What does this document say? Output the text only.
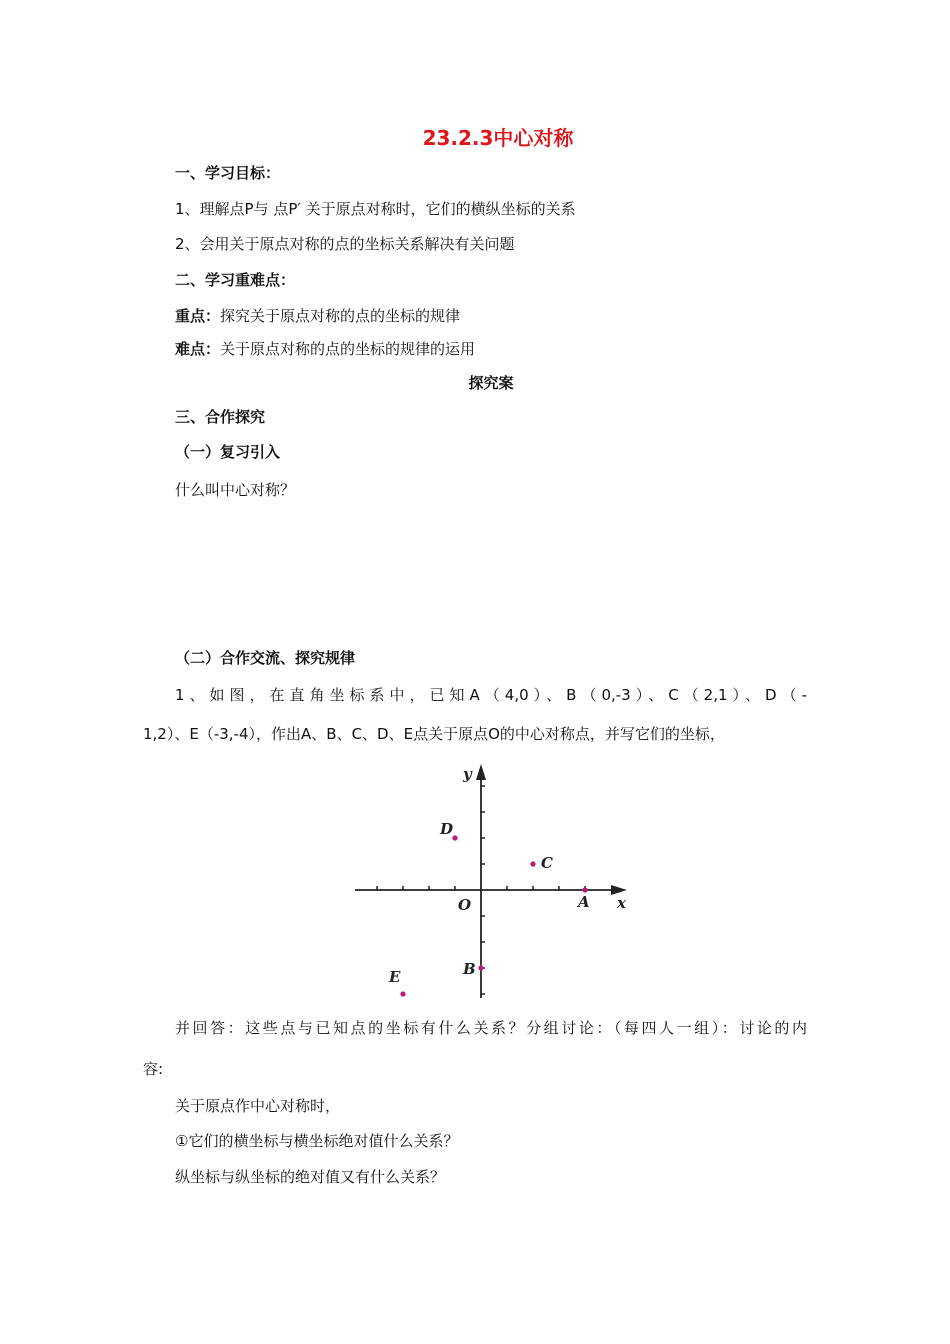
23.2.3中心对称
一、学习目标：
1、理解点P与 点P′ 关于原点对称时，它们的横纵坐标的关系
2、会用关于原点对称的点的坐标关系解决有关问题
二、学习重难点：
重点：探究关于原点对称的点的坐标的规律
难点：关于原点对称的点的坐标的规律的运用
探究案
三、合作探究
（一）复习引入
什么叫中心对称？
（二）合作交流、探究规律
1、如图，在直角坐标系中，已知A（4,0）、B（0,-3）、C（2,1）、D（-
1,2）、E（-3,-4），作出A、B、C、D、E点关于原点O的中心对称点，并写它们的坐标，
x
y
O	A
B
C
D
E
并回答：这些点与已知点的坐标有什么关系？分组讨论：（每四人一组）：讨论的内
容:
关于原点作中心对称时，
①它们的横坐标与横坐标绝对值什么关系？
纵坐标与纵坐标的绝对值又有什么关系？
